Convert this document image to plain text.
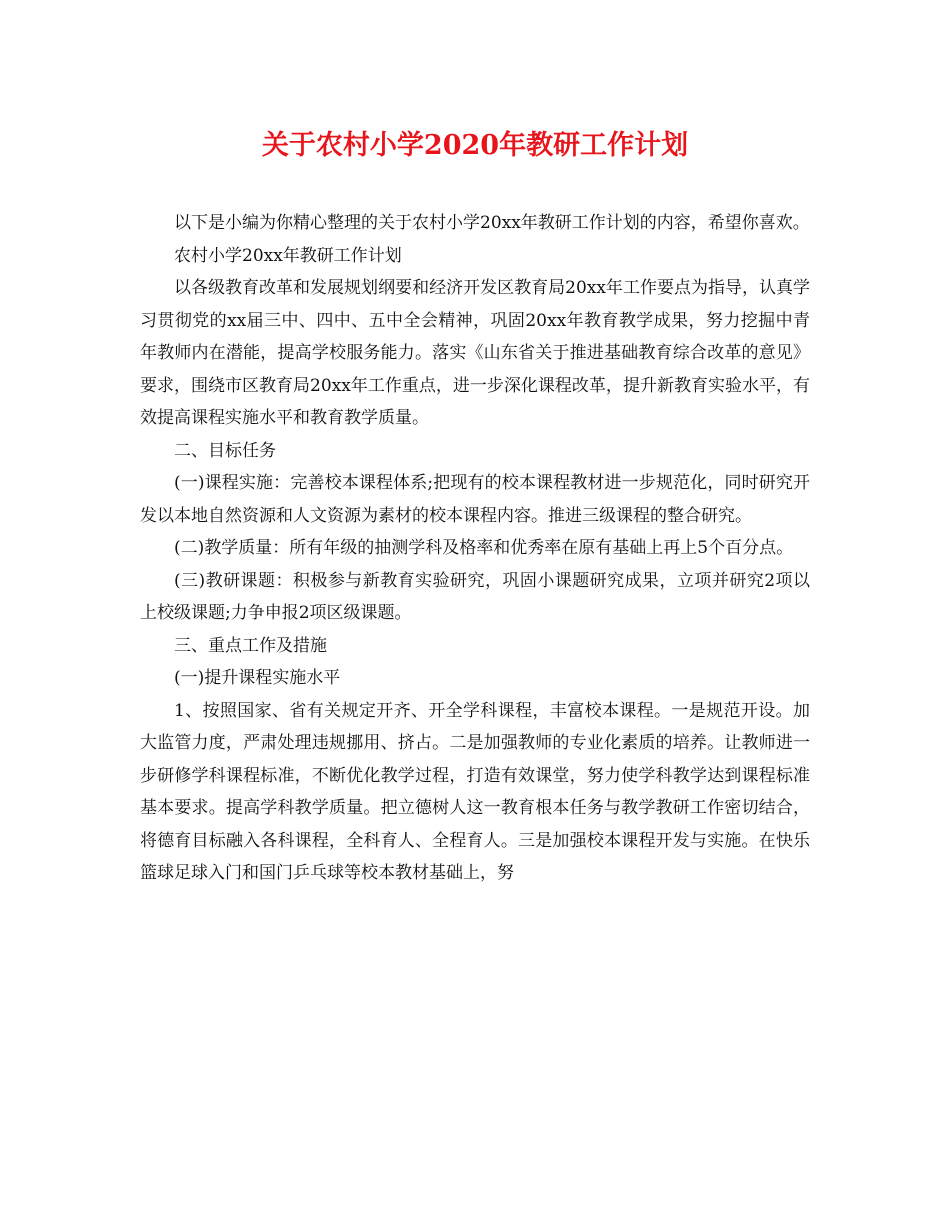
关于农村小学2020年教研工作计划

以下是小编为你精心整理的关于农村小学20xx年教研工作计划的内容，希望你喜欢。

农村小学20xx年教研工作计划

以各级教育改革和发展规划纲要和经济开发区教育局20xx年工作要点为指导，认真学习贯彻党的xx届三中、四中、五中全会精神，巩固20xx年教育教学成果，努力挖掘中青年教师内在潜能，提高学校服务能力。落实《山东省关于推进基础教育综合改革的意见》要求，围绕市区教育局20xx年工作重点，进一步深化课程改革，提升新教育实验水平，有效提高课程实施水平和教育教学质量。

二、目标任务

(一)课程实施：完善校本课程体系;把现有的校本课程教材进一步规范化，同时研究开发以本地自然资源和人文资源为素材的校本课程内容。推进三级课程的整合研究。

(二)教学质量：所有年级的抽测学科及格率和优秀率在原有基础上再上5个百分点。

(三)教研课题：积极参与新教育实验研究，巩固小课题研究成果，立项并研究2项以上校级课题;力争申报2项区级课题。

三、重点工作及措施

(一)提升课程实施水平

1、按照国家、省有关规定开齐、开全学科课程，丰富校本课程。一是规范开设。加大监管力度，严肃处理违规挪用、挤占。二是加强教师的专业化素质的培养。让教师进一步研修学科课程标准，不断优化教学过程，打造有效课堂，努力使学科教学达到课程标准基本要求。提高学科教学质量。把立德树人这一教育根本任务与教学教研工作密切结合，将德育目标融入各科课程，全科育人、全程育人。三是加强校本课程开发与实施。在快乐篮球足球入门和国门乒乓球等校本教材基础上，努
